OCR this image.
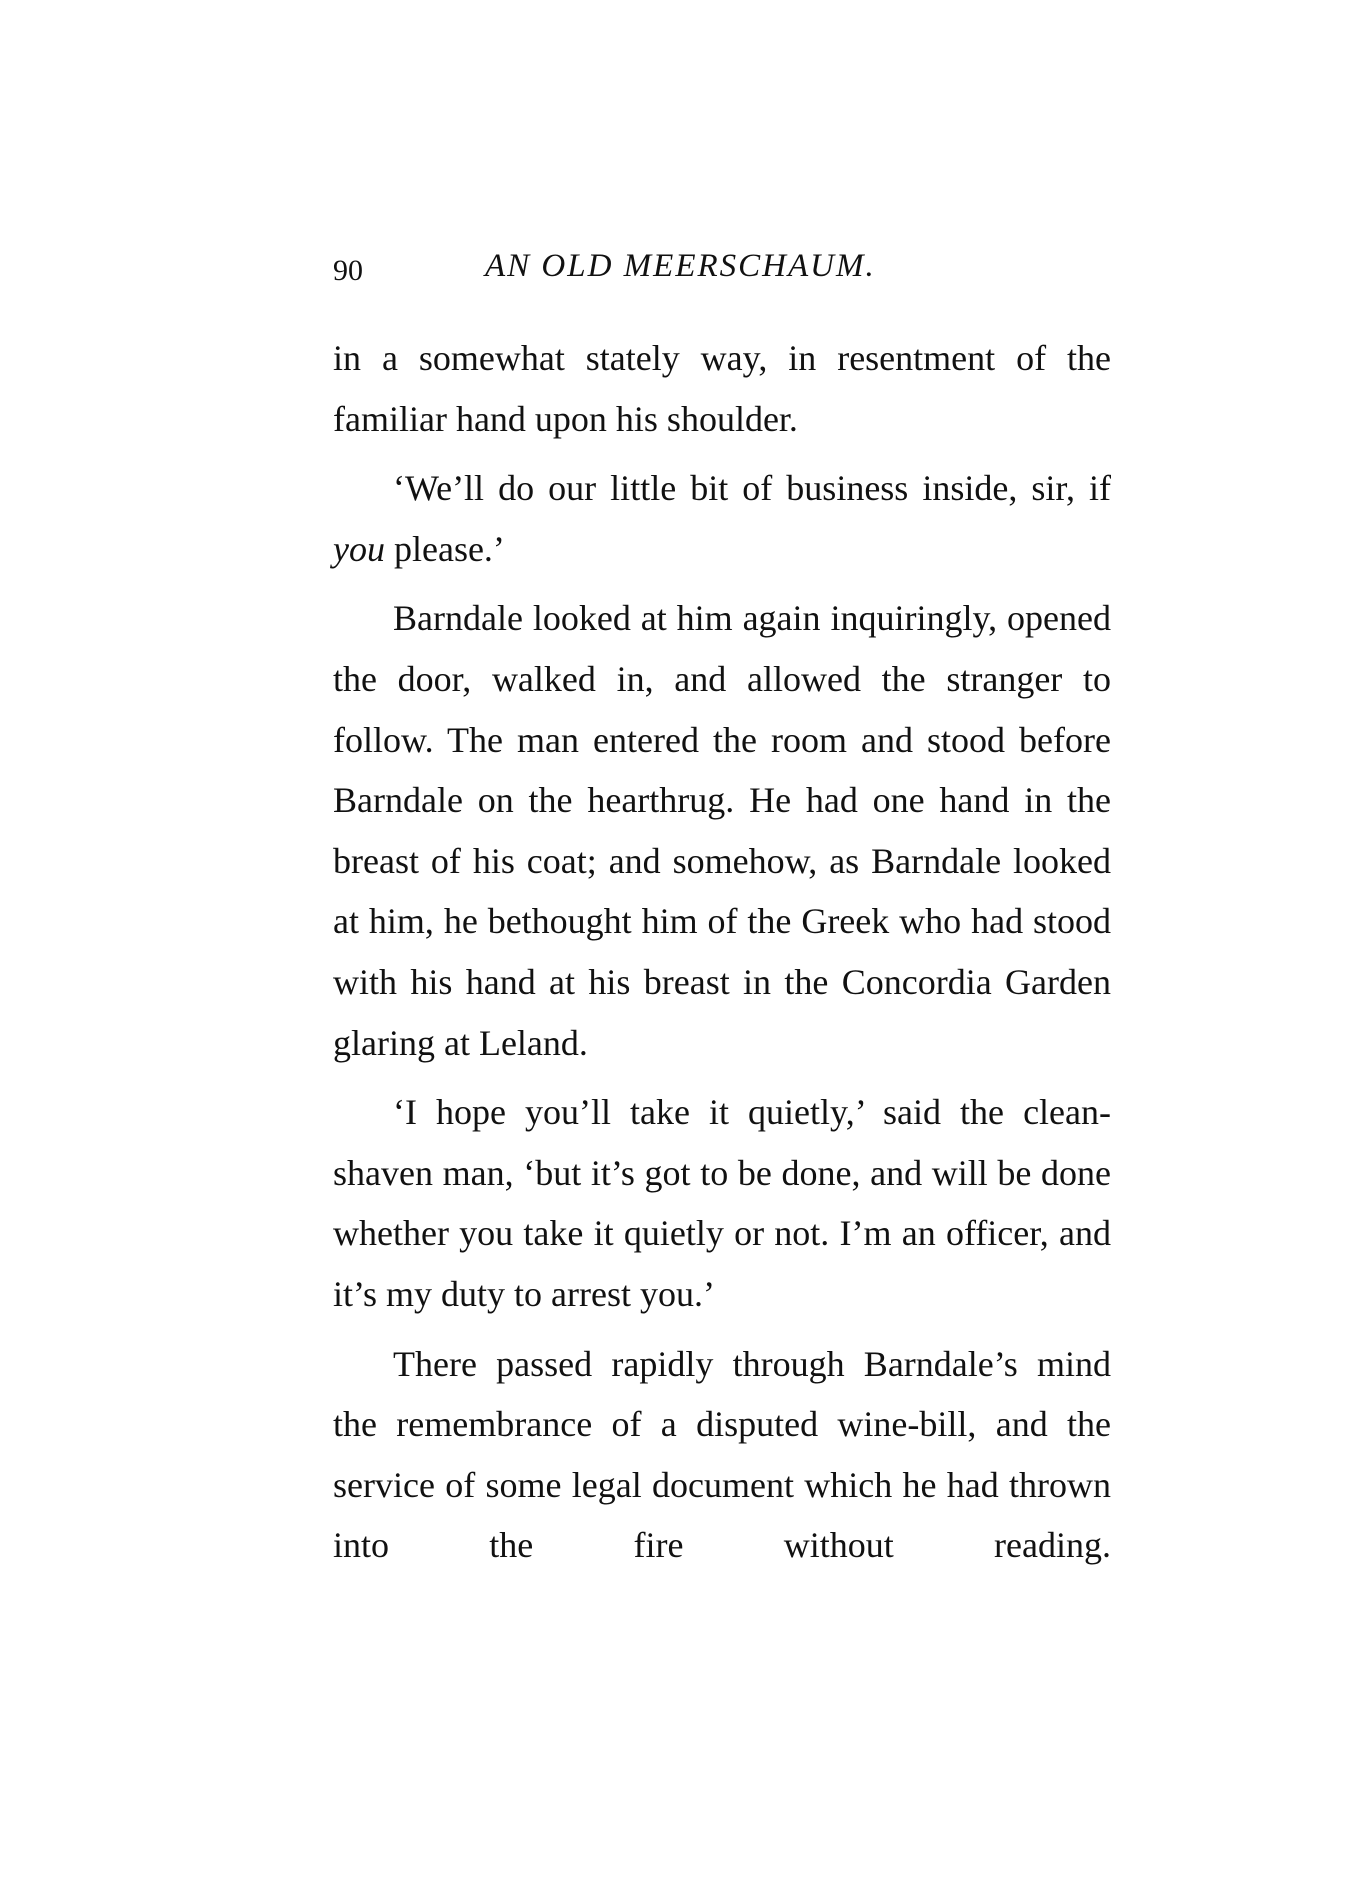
90	AN OLD MEERSCHAUM.

in a somewhat stately way, in resentment of the familiar hand upon his shoulder.

‘We’ll do our little bit of business inside, sir, if you please.’

Barndale looked at him again inquiringly, opened the door, walked in, and allowed the stranger to follow. The man entered the room and stood before Barndale on the hearthrug. He had one hand in the breast of his coat; and somehow, as Barndale looked at him, he bethought him of the Greek who had stood with his hand at his breast in the Concordia Garden glaring at Leland.

‘I hope you’ll take it quietly,’ said the clean-shaven man, ‘but it’s got to be done, and will be done whether you take it quietly or not. I’m an officer, and it’s my duty to arrest you.’

There passed rapidly through Barndale’s mind the remembrance of a disputed wine-bill, and the service of some legal document which he had thrown into the fire without reading.
